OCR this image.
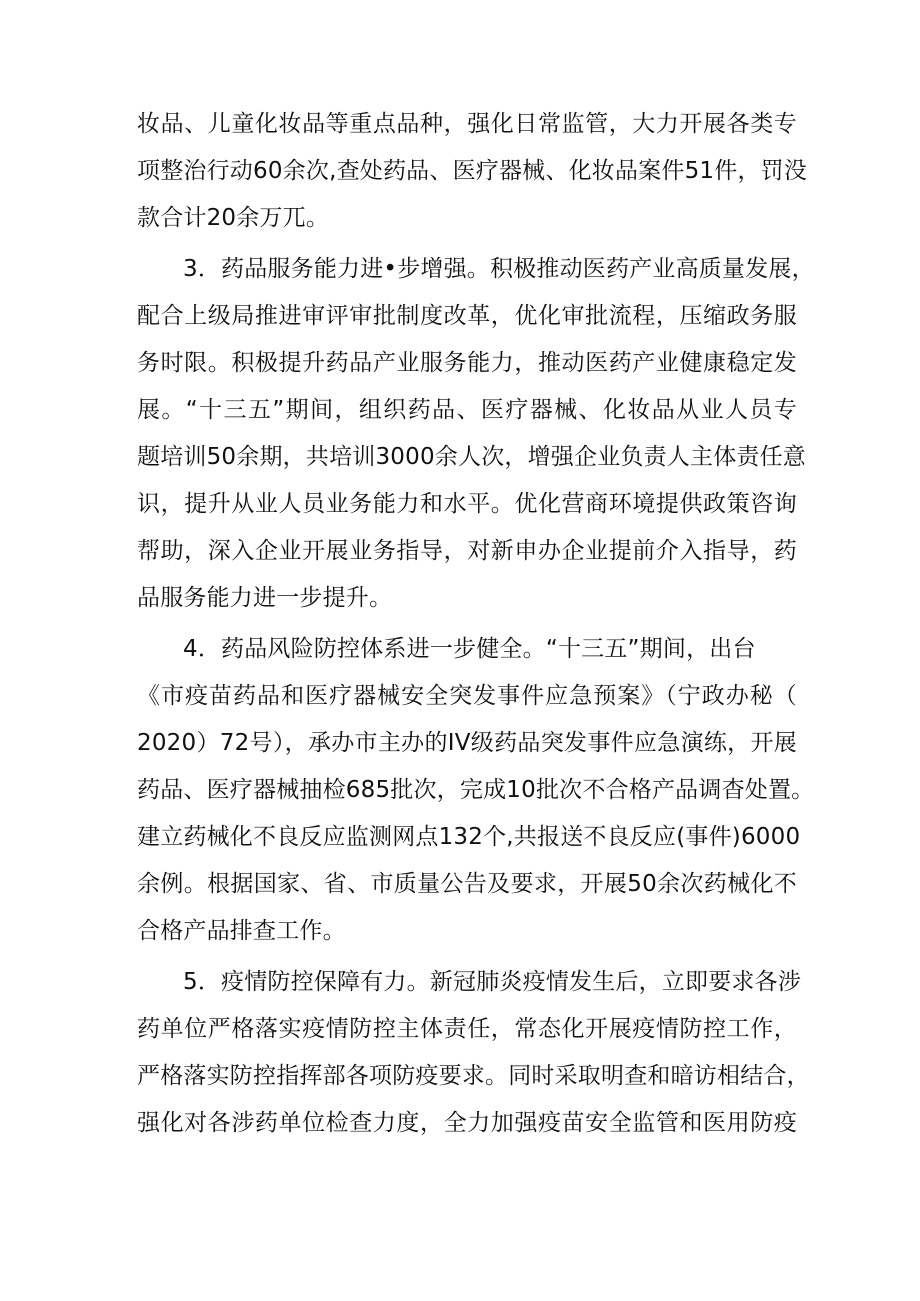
妆品、儿童化妆品等重点品种，强化日常监管，大力开展各类专
项整治行动60余次,查处药品、医疗器械、化妆品案件51件，罚没
款合计20余万兀。
3．药品服务能力进•步增强。积极推动医药产业高质量发展，
配合上级局推进审评审批制度改革，优化审批流程，压缩政务服
务时限。积极提升药品产业服务能力，推动医药产业健康稳定发
展。“十三五”期间，组织药品、医疗器械、化妆品从业人员专
题培训50余期，共培训3000余人次，增强企业负责人主体责任意
识，提升从业人员业务能力和水平。优化营商环境提供政策咨询
帮助，深入企业开展业务指导，对新申办企业提前介入指导，药
品服务能力进一步提升。
4．药品风险防控体系进一步健全。“十三五”期间，出台
《市疫苗药品和医疗器械安全突发事件应急预案》（宁政办秘（
2020）72号），承办市主办的IV级药品突发事件应急演练，开展
药品、医疗器械抽检685批次，完成10批次不合格产品调杳处置。
建立药械化不良反应监测网点132个,共报送不良反应(事件)6000
余例。根据国家、省、市质量公告及要求，开展50余次药械化不
合格产品排查工作。
5．疫情防控保障有力。新冠肺炎疫情发生后，立即要求各涉
药单位严格落实疫情防控主体责任，常态化开展疫情防控工作，
严格落实防控指挥部各项防疫要求。同时采取明查和暗访相结合，
强化对各涉药单位检查力度，全力加强疫苗安全监管和医用防疫
